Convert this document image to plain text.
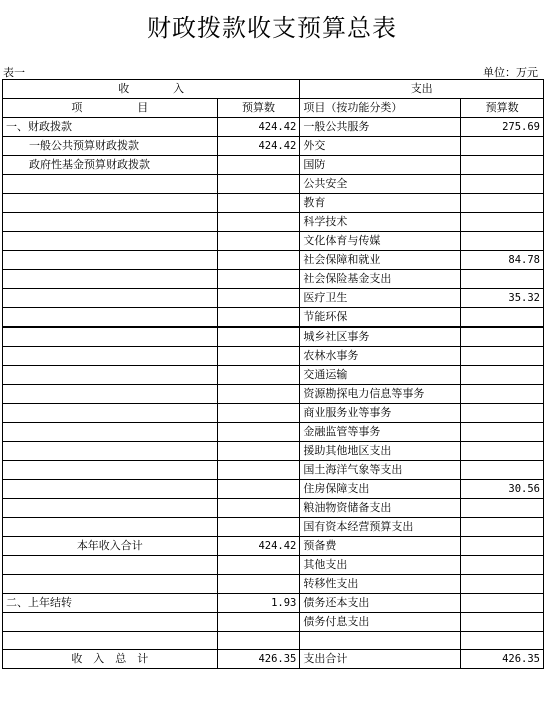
财政拨款收支预算总表
表一	单位：万元
收　　　　入		支出	
项　　　　　目	预算数	项目（按功能分类）	预算数
一、财政拨款	424.42	一般公共服务	275.69
一般公共预算财政拨款	424.42	外交	
政府性基金预算财政拨款		国防	
		公共安全	
		教育	
		科学技术	
		文化体育与传媒	
		社会保障和就业	84.78
		社会保险基金支出	
		医疗卫生	35.32
		节能环保	
		城乡社区事务	
		农林水事务	
		交通运输	
		资源勘探电力信息等事务	
		商业服务业等事务	
		金融监管等事务	
		援助其他地区支出	
		国土海洋气象等支出	
		住房保障支出	30.56
		粮油物资储备支出	
		国有资本经营预算支出	
本年收入合计	424.42	预备费	
		其他支出	
		转移性支出	
二、上年结转	1.93	债务还本支出	
		债务付息支出	

收　入　总　计	426.35	支出合计	426.35
